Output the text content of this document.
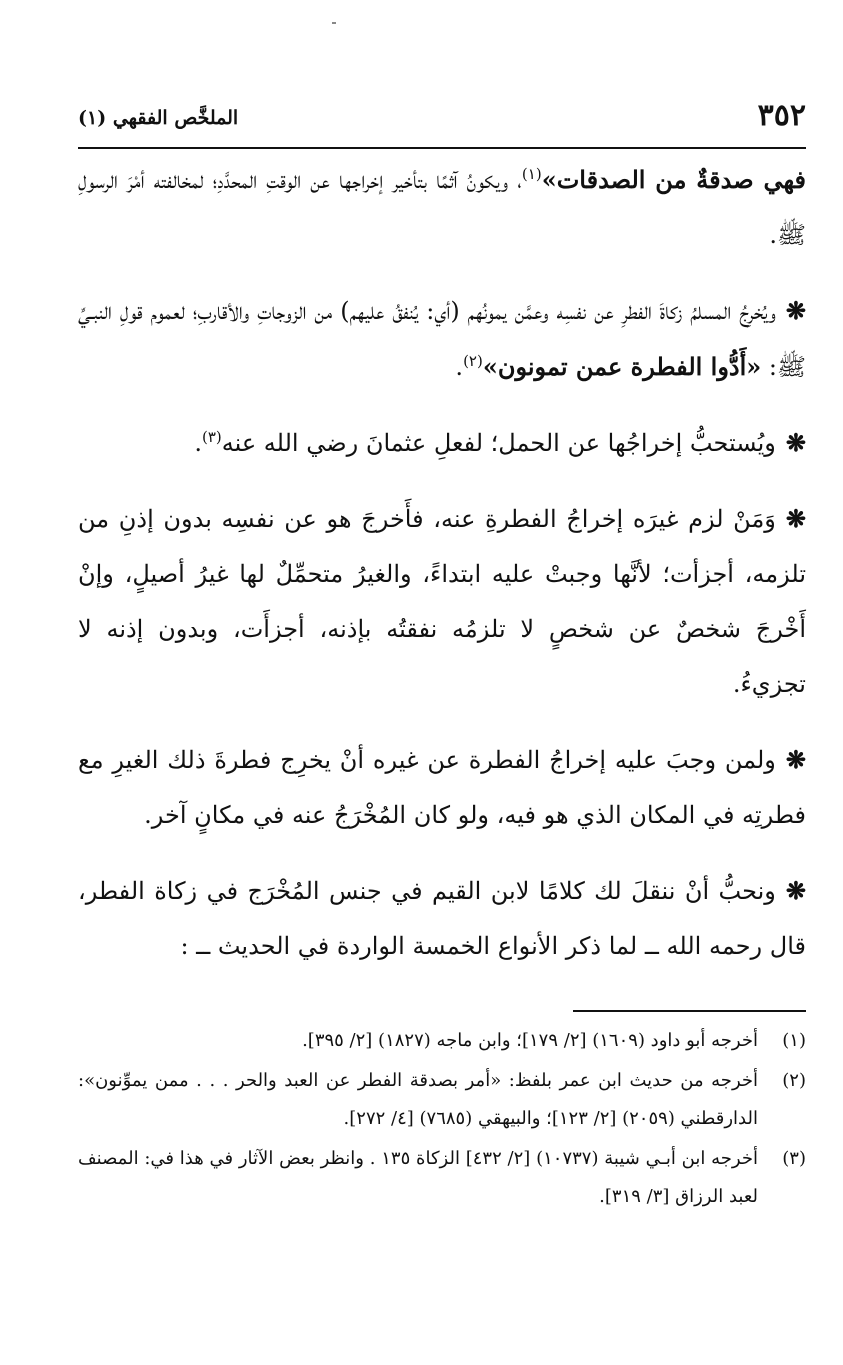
٣٥٢
الملخَّص الفقهي (١)

فهي صدقةٌ من الصدقات»$^{(١)}$، ويكونُ آثمًا بتأخير إخراجها عن الوقتِ المحدَّدِ؛ لمخالفته أمْرَ الرسولِ ﷺ.

❋ويُخرِجُ المسلمُ زكاةَ الفطرِ عن نفسِه وعمَّن يمونُهم (أي: يُنفقُ عليهم) من الزوجاتِ والأقاربِ؛ لعموم قولِ النبـيِّ ﷺ: «أَدُّوا الفطرة عمن تمونون»$^{(٢)}$.

❋ويُستحبُّ إخراجُها عن الحمل؛ لفعلِ عثمانَ رضي الله عنه$^{(٣)}$.

❋وَمَنْ لزم غيرَه إخراجُ الفطرةِ عنه، فأَخرجَ هو عن نفسِه بدون إذنِ من تلزمه، أجزأت؛ لأنَّها وجبتْ عليه ابتداءً، والغيرُ متحمِّلٌ لها غيرُ أصيلٍ، وإنْ أَخْرجَ شخصٌ عن شخصٍ لا تلزمُه نفقتُه بإذنه، أجزأَت، وبدون إذنه لا تجزيءُ.

❋ولمن وجبَ عليه إخراجُ الفطرة عن غيره أنْ يخرِج فطرةَ ذلك الغيرِ مع فطرتِه في المكان الذي هو فيه، ولو كان المُخْرَجُ عنه في مكانٍ آخر.

❋ونحبُّ أنْ ننقلَ لك كلامًا لابن القيم في جنس المُخْرَج في زكاة الفطر، قال رحمه الله ــ لما ذكر الأنواع الخمسة الواردة في الحديث ــ :

(١)
أخرجه أبو داود (١٦٠٩) [٢/ ١٧٩]؛ وابن ماجه (١٨٢٧) [٢/ ٣٩٥].
(٢)
أخرجه من حديث ابن عمر بلفظ: «أمر بصدقة الفطر عن العبد والحر . . . ممن يموِّنون»: الدارقطني (٢٠٥٩) [٢/ ١٢٣]؛ والبيهقي (٧٦٨٥) [٤/ ٢٧٢].
(٣)
أخرجه ابن أبـي شيبة (١٠٧٣٧) [٢/ ٤٣٢] الزكاة ١٣٥ . وانظر بعض الآثار في هذا في: المصنف لعبد الرزاق [٣/ ٣١٩].
